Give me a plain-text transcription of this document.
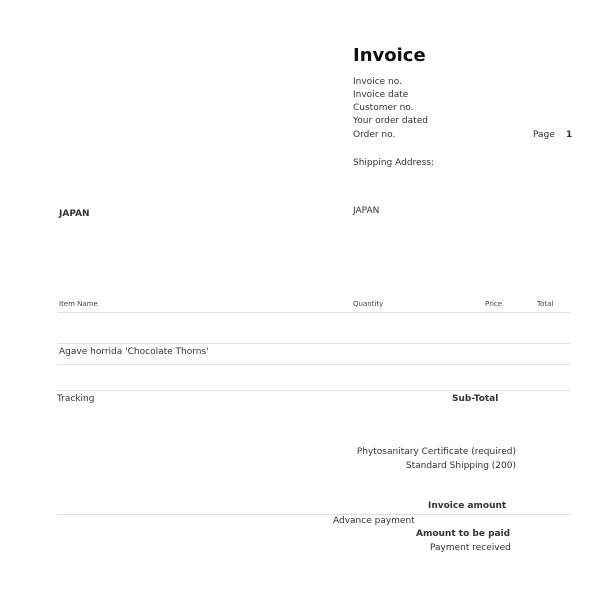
Invoice
Invoice no.
Invoice date
Customer no.
Your order dated
Order no.	Page 1
Shipping Address:
JAPAN	JAPAN
Item Name	Quantity	Price	Total
Agave horrida 'Chocolate Thorns'
Tracking	Sub-Total
Phytosanitary Certificate (required)
Standard Shipping (200)
Invoice amount
Advance payment
Amount to be paid
Payment received
